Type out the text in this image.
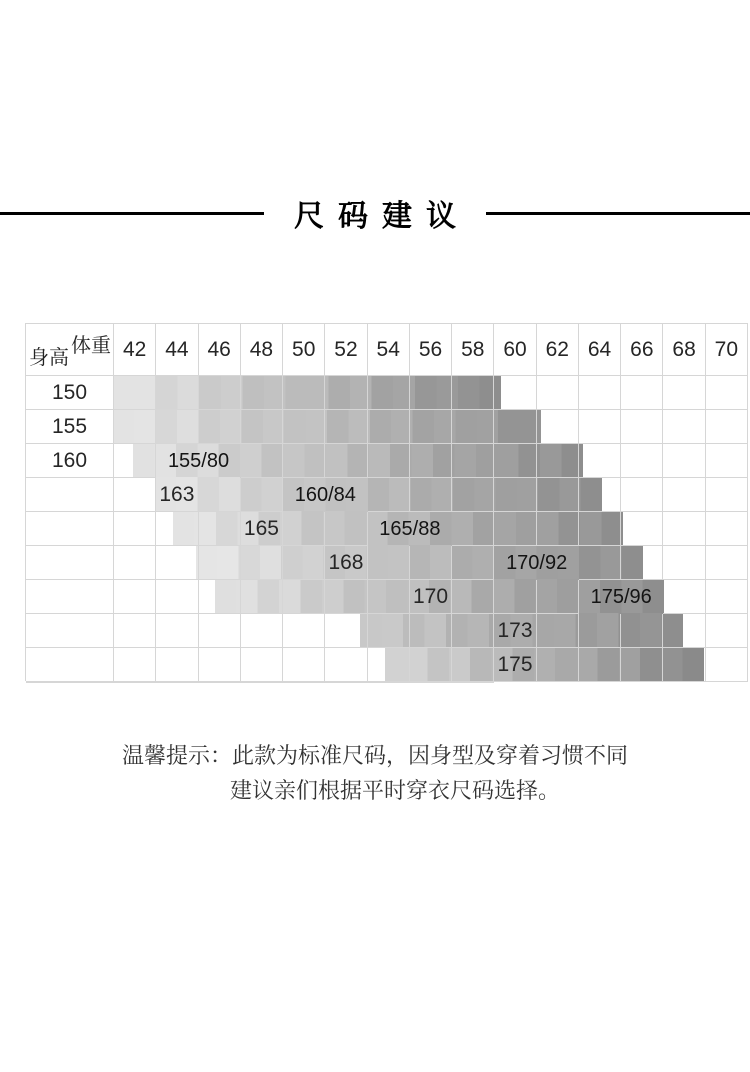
尺码建议
体重
身高	42 44 46 48 50 52 54 56 58 60 62 64 66 68 70
150
155
160
163
165
168
170
173
175
155/80
160/84
165/88
170/92
175/96

温馨提示：此款为标准尺码，因身型及穿着习惯不同

建议亲们根据平时穿衣尺码选择。
